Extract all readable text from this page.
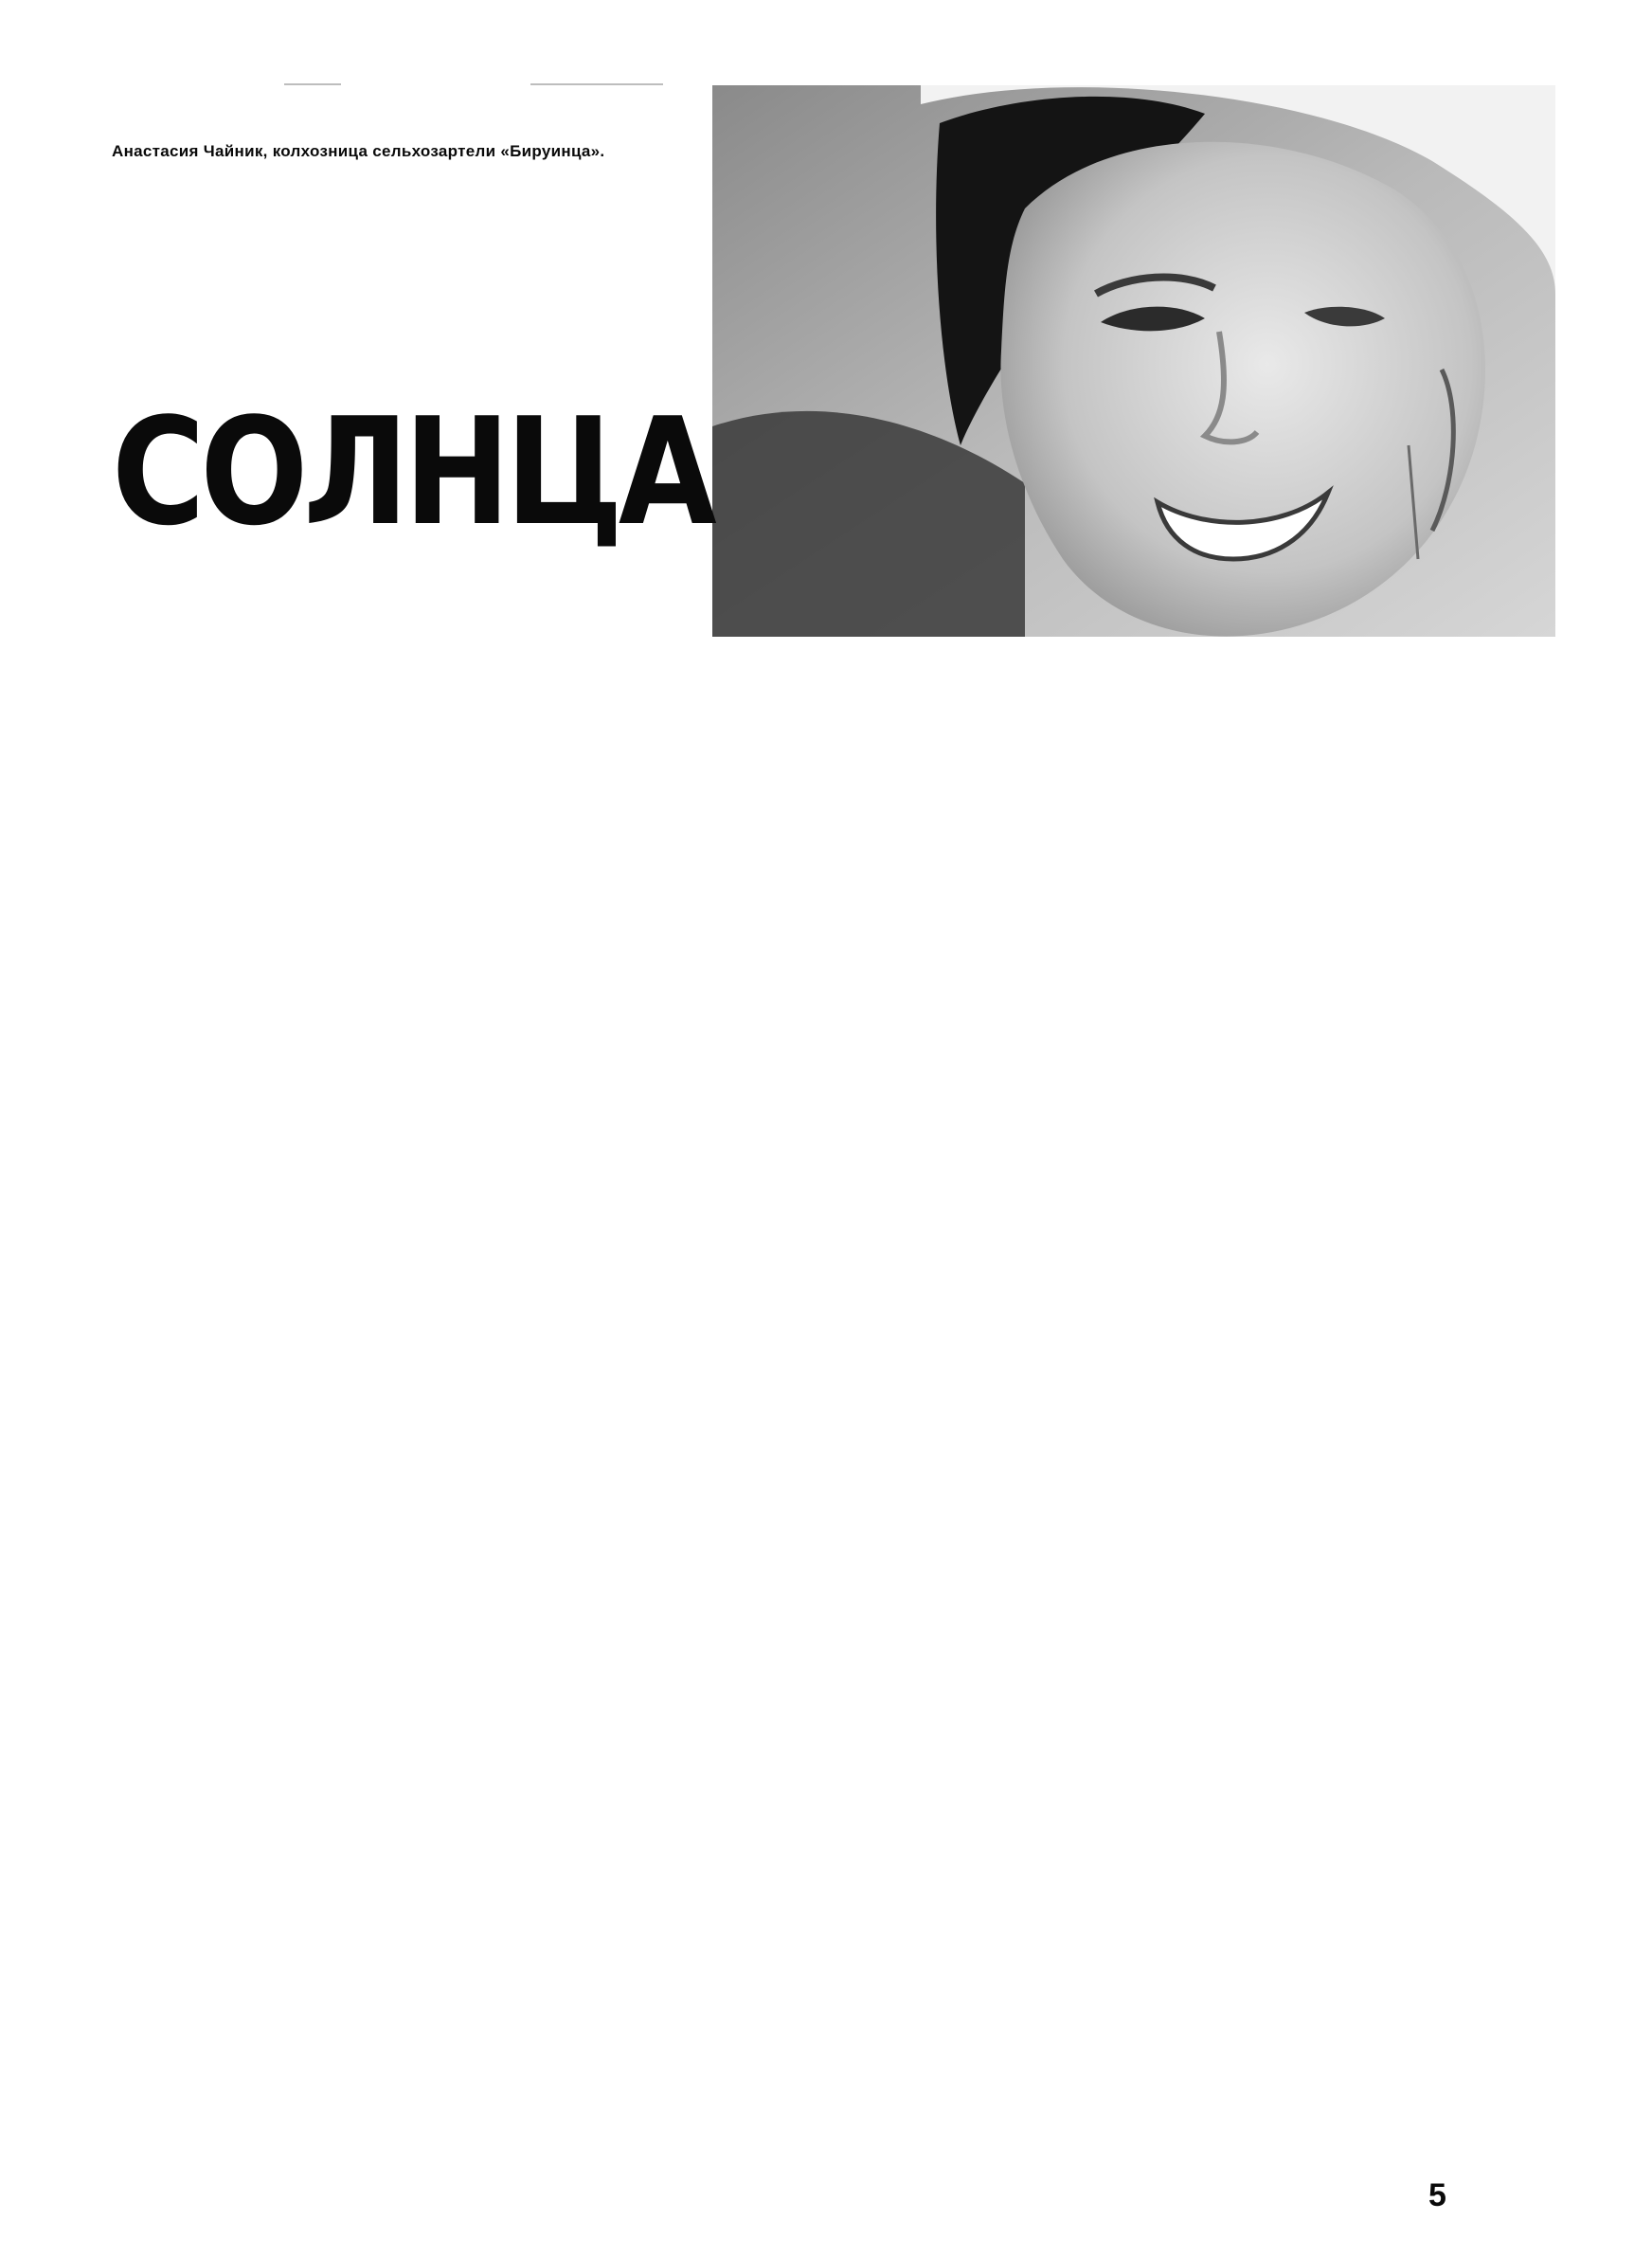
Анастасия Чайник, колхозница сельхозартели «Бируинца».
СОЛНЦА
5
